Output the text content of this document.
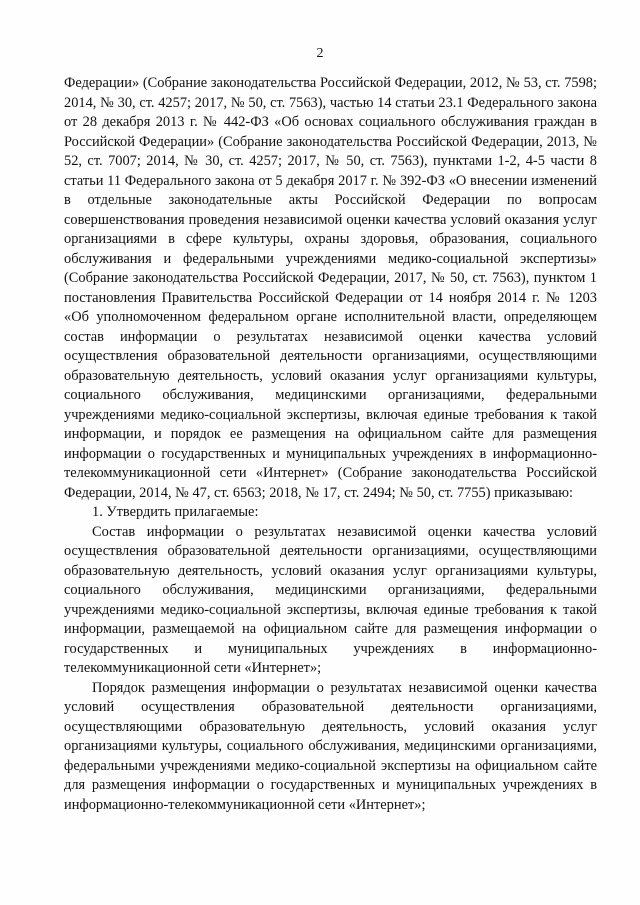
2

Федерации» (Собрание законодательства Российской Федерации, 2012, № 53, ст. 7598; 2014, № 30, ст. 4257; 2017, № 50, ст. 7563), частью 14 статьи 23.1 Федерального закона от 28 декабря 2013 г. № 442-ФЗ «Об основах социального обслуживания граждан в Российской Федерации» (Собрание законодательства Российской Федерации, 2013, № 52, ст. 7007; 2014, № 30, ст. 4257; 2017, № 50, ст. 7563), пунктами 1-2, 4-5 части 8 статьи 11 Федерального закона от 5 декабря 2017 г. № 392-ФЗ «О внесении изменений в отдельные законодательные акты Российской Федерации по вопросам совершенствования проведения независимой оценки качества условий оказания услуг организациями в сфере культуры, охраны здоровья, образования, социального обслуживания и федеральными учреждениями медико-социальной экспертизы» (Собрание законодательства Российской Федерации, 2017, № 50, ст. 7563), пунктом 1 постановления Правительства Российской Федерации от 14 ноября 2014 г. № 1203 «Об уполномоченном федеральном органе исполнительной власти, определяющем состав информации о результатах независимой оценки качества условий осуществления образовательной деятельности организациями, осуществляющими образовательную деятельность, условий оказания услуг организациями культуры, социального обслуживания, медицинскими организациями, федеральными учреждениями медико-социальной экспертизы, включая единые требования к такой информации, и порядок ее размещения на официальном сайте для размещения информации о государственных и муниципальных учреждениях в информационно-телекоммуникационной сети «Интернет» (Собрание законодательства Российской Федерации, 2014, № 47, ст. 6563; 2018, № 17, ст. 2494; № 50, ст. 7755) приказываю:

1. Утвердить прилагаемые:

Состав информации о результатах независимой оценки качества условий осуществления образовательной деятельности организациями, осуществляющими образовательную деятельность, условий оказания услуг организациями культуры, социального обслуживания, медицинскими организациями, федеральными учреждениями медико-социальной экспертизы, включая единые требования к такой информации, размещаемой на официальном сайте для размещения информации о государственных и муниципальных учреждениях в информационно-телекоммуникационной сети «Интернет»;

Порядок размещения информации о результатах независимой оценки качества условий осуществления образовательной деятельности организациями, осуществляющими образовательную деятельность, условий оказания услуг организациями культуры, социального обслуживания, медицинскими организациями, федеральными учреждениями медико-социальной экспертизы на официальном сайте для размещения информации о государственных и муниципальных учреждениях в информационно-телекоммуникационной сети «Интернет»;
